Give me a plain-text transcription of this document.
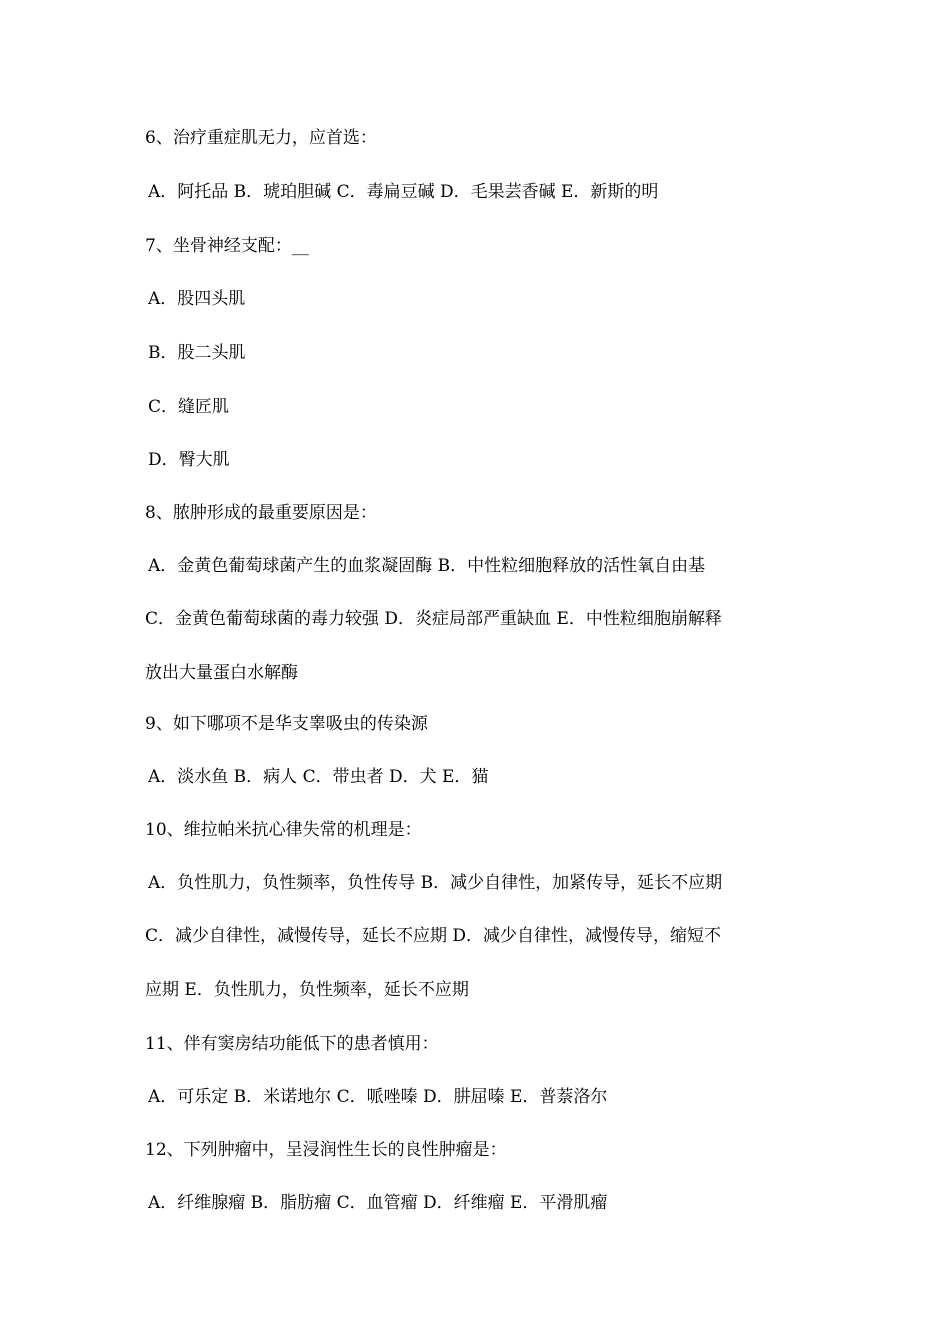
6、治疗重症肌无力，应首选：
A．阿托品 B．琥珀胆碱 C．毒扁豆碱 D．毛果芸香碱 E．新斯的明
7、坐骨神经支配：__
A．股四头肌
B．股二头肌
C．缝匠肌
D．臀大肌
8、脓肿形成的最重要原因是：
A．金黄色葡萄球菌产生的血浆凝固酶 B．中性粒细胞释放的活性氧自由基
C．金黄色葡萄球菌的毒力较强 D．炎症局部严重缺血 E．中性粒细胞崩解释
放出大量蛋白水解酶
9、如下哪项不是华支睾吸虫的传染源
A．淡水鱼 B．病人 C．带虫者 D．犬 E．猫
10、维拉帕米抗心律失常的机理是：
A．负性肌力，负性频率，负性传导 B．减少自律性，加紧传导，延长不应期
C．减少自律性，减慢传导，延长不应期 D．减少自律性，减慢传导，缩短不
应期 E．负性肌力，负性频率，延长不应期
11、伴有窦房结功能低下的患者慎用：
A．可乐定 B．米诺地尔 C．哌唑嗪 D．肼屈嗪 E．普萘洛尔
12、下列肿瘤中，呈浸润性生长的良性肿瘤是：
A．纤维腺瘤 B．脂肪瘤 C．血管瘤 D．纤维瘤 E．平滑肌瘤
